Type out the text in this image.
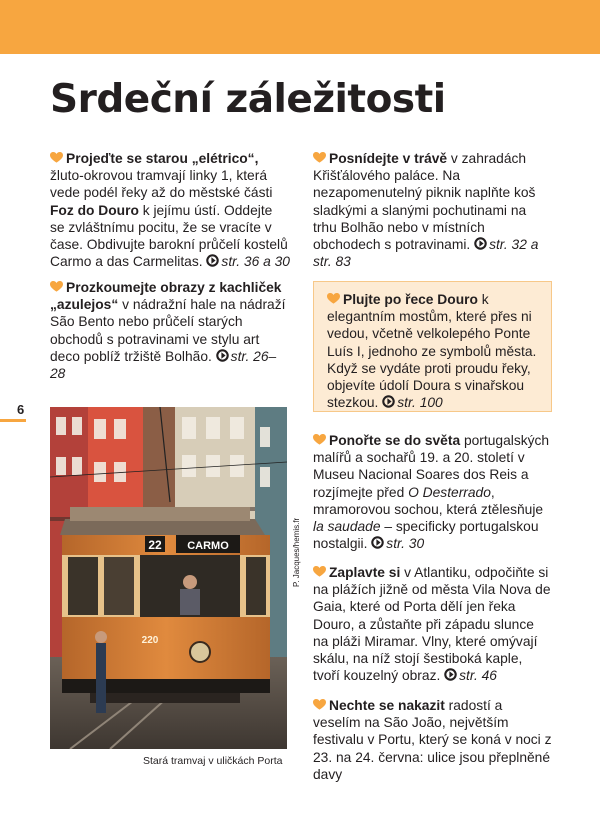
Srdeční záležitosti
6

Projeďte se starou „elétrico“, žluto-okrovou tramvají linky 1, která vede podél řeky až do městské části Foz do Douro k jejímu ústí. Oddejte se zvláštnímu pocitu, že se vracíte v čase. Obdivujte barokní průčelí kostelů Carmo a das Carmelitas.
str. 36 a 30

Prozkoumejte obrazy z kachliček „azulejos“ v nádražní hale na nádraží São Bento nebo průčelí starých obchodů s potravinami ve stylu art deco poblíž tržiště Bolhão.
str. 26–28

Posnídejte v trávě v zahradách Křišťálového paláce. Na nezapomenutelný piknik naplňte koš sladkými a slanými pochutinami na trhu Bolhão nebo v místních obchodech s potravinami.
str. 32 a str. 83

Plujte po řece Douro k elegantním mostům, které přes ni vedou, včetně velkolepého Ponte Luís I, jednoho ze symbolů města. Když se vydáte proti proudu řeky, objevíte údolí Doura s vinařskou stezkou.
str. 100

Ponořte se do světa portugalských malířů a sochařů 19. a 20. století v Museu Nacional Soares dos Reis a rozjímejte před O Desterrado, mramorovou sochou, která ztělesňuje la saudade – specificky portugalskou nostalgii.
str. 30

Zaplavte si v Atlantiku, odpočiňte si na plážích jižně od města Vila Nova de Gaia, které od Porta dělí jen řeka Douro, a zůstaňte při západu slunce na pláži Miramar. Vlny, které omývají skálu, na níž stojí šestiboká kaple, tvoří kouzelný obraz.
str. 46

Nechte se nakazit radostí a veselím na São João, největším festivalu v Portu, který se koná v noci z 23. na 24. června: ulice jsou přeplněné davy

22 CARMO
220
P. Jacques/hemis.fr
Stará tramvaj v uličkách Porta
